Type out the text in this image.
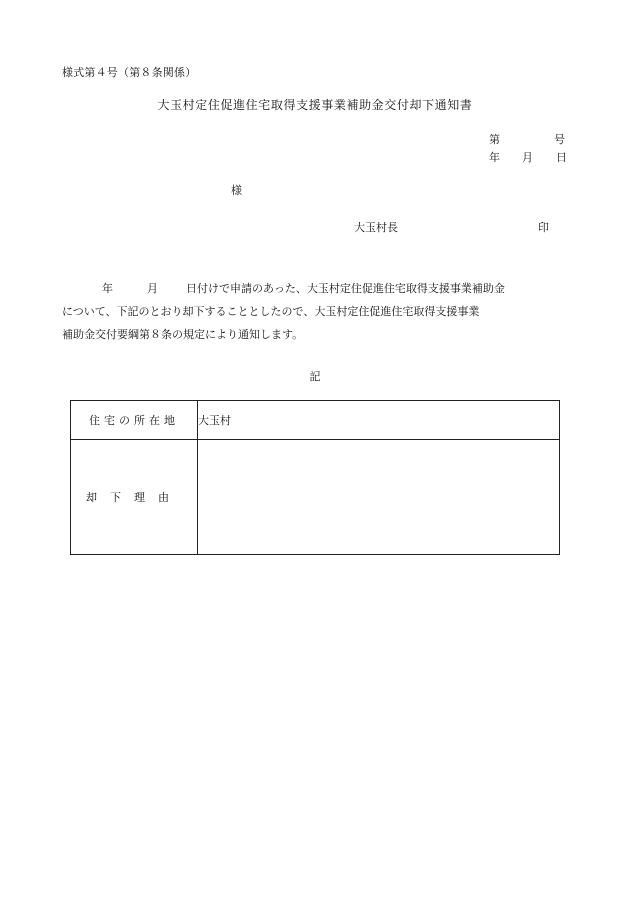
様式第４号（第８条関係）
大玉村定住促進住宅取得支援事業補助金交付却下通知書
第	号
年 月 日
様
大玉村長	印
年	月	日付けで申請のあった、大玉村定住促進住宅取得支援事業補助金
について、下記のとおり却下することとしたので、大玉村定住促進住宅取得支援事業
補助金交付要綱第８条の規定により通知します。
記
住宅の所在地	大玉村
却下理由	
